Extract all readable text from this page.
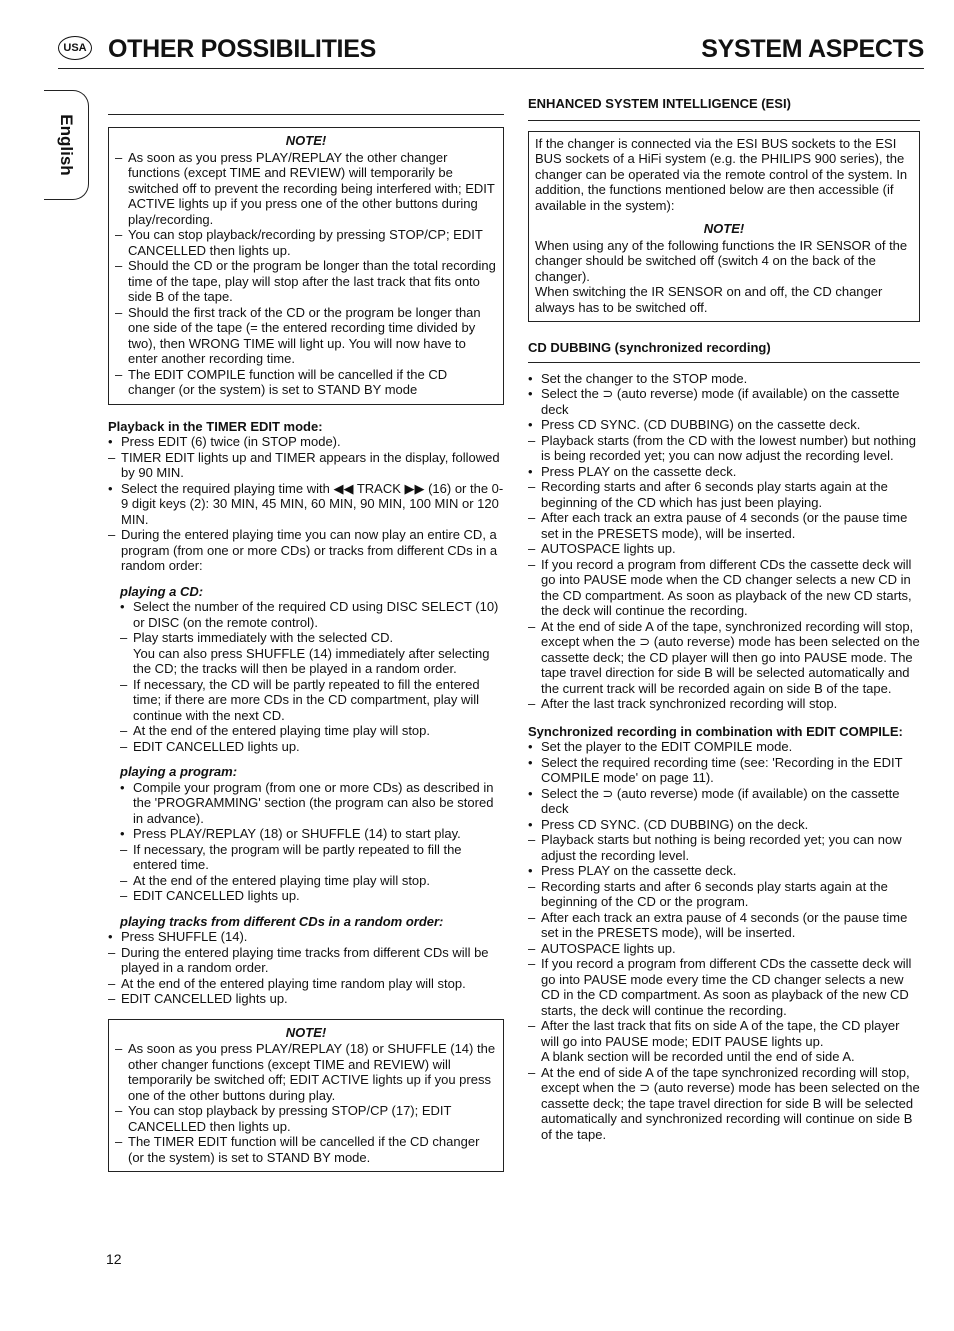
USA OTHER POSSIBILITIES	SYSTEM ASPECTS
English	NOTE!
– As soon as you press PLAY/REPLAY the other changer functions (except TIME and REVIEW) will temporarily be switched off to prevent the recording being interfered with; EDIT ACTIVE lights up if you press one of the other buttons during play/recording.
– You can stop playback/recording by pressing STOP/CP; EDIT CANCELLED then lights up.
– Should the CD or the program be longer than the total recording time of the tape, play will stop after the last track that fits onto side B of the tape.
– Should the first track of the CD or the program be longer than one side of the tape (= the entered recording time divided by two), then WRONG TIME will light up. You will now have to enter another recording time.
– The EDIT COMPILE function will be cancelled if the CD changer (or the system) is set to STAND BY mode
Playback in the TIMER EDIT mode:
• Press EDIT (6) twice (in STOP mode).
– TIMER EDIT lights up and TIMER appears in the display, followed by 90 MIN.
• Select the required playing time with ◀◀ TRACK ▶▶ (16) or the 0-9 digit keys (2): 30 MIN, 45 MIN, 60 MIN, 90 MIN, 100 MIN or 120 MIN.
– During the entered playing time you can now play an entire CD, a program (from one or more CDs) or tracks from different CDs in a random order:
playing a CD:
• Select the number of the required CD using DISC SELECT (10) or DISC (on the remote control).
– Play starts immediately with the selected CD.
You can also press SHUFFLE (14) immediately after selecting the CD; the tracks will then be played in a random order.
– If necessary, the CD will be partly repeated to fill the entered time; if there are more CDs in the CD compartment, play will continue with the next CD.
– At the end of the entered playing time play will stop.
– EDIT CANCELLED lights up.
playing a program:
• Compile your program (from one or more CDs) as described in the 'PROGRAMMING' section (the program can also be stored in advance).
• Press PLAY/REPLAY (18) or SHUFFLE (14) to start play.
– If necessary, the program will be partly repeated to fill the entered time.
– At the end of the entered playing time play will stop.
– EDIT CANCELLED lights up.
playing tracks from different CDs in a random order:
• Press SHUFFLE (14).
– During the entered playing time tracks from different CDs will be played in a random order.
– At the end of the entered playing time random play will stop.
– EDIT CANCELLED lights up.
NOTE!
– As soon as you press PLAY/REPLAY (18) or SHUFFLE (14) the other changer functions (except TIME and REVIEW) will temporarily be switched off; EDIT ACTIVE lights up if you press one of the other buttons during play.
– You can stop playback by pressing STOP/CP (17); EDIT CANCELLED then lights up.
– The TIMER EDIT function will be cancelled if the CD changer (or the system) is set to STAND BY mode.
ENHANCED SYSTEM INTELLIGENCE (ESI)

If the changer is connected via the ESI BUS sockets to the ESI BUS sockets of a HiFi system (e.g. the PHILIPS 900 series), the changer can be operated via the remote control of the system. In addition, the functions mentioned below are then accessible (if available in the system):

NOTE!

When using any of the following functions the IR SENSOR of the changer should be switched off (switch 4 on the back of the changer).

When switching the IR SENSOR on and off, the CD changer always has to be switched off.

CD DUBBING (synchronized recording)
• Set the changer to the STOP mode.
• Select the ⊃ (auto reverse) mode (if available) on the cassette deck
• Press CD SYNC. (CD DUBBING) on the cassette deck.
– Playback starts (from the CD with the lowest number) but nothing is being recorded yet; you can now adjust the recording level.
• Press PLAY on the cassette deck.
– Recording starts and after 6 seconds play starts again at the beginning of the CD which has just been playing.
– After each track an extra pause of 4 seconds (or the pause time set in the PRESETS mode), will be inserted.
– AUTOSPACE lights up.
– If you record a program from different CDs the cassette deck will go into PAUSE mode when the CD changer selects a new CD in the CD compartment. As soon as playback of the new CD starts, the deck will continue the recording.
– At the end of side A of the tape, synchronized recording will stop, except when the ⊃ (auto reverse) mode has been selected on the cassette deck; the CD player will then go into PAUSE mode. The tape travel direction for side B will be selected automatically and the current track will be recorded again on side B of the tape.
– After the last track synchronized recording will stop.
Synchronized recording in combination with EDIT COMPILE:
• Set the player to the EDIT COMPILE mode.
• Select the required recording time (see: 'Recording in the EDIT COMPILE mode' on page 11).
• Select the ⊃ (auto reverse) mode (if available) on the cassette deck
• Press CD SYNC. (CD DUBBING) on the deck.
– Playback starts but nothing is being recorded yet; you can now adjust the recording level.
• Press PLAY on the cassette deck.
– Recording starts and after 6 seconds play starts again at the beginning of the CD or the program.
– After each track an extra pause of 4 seconds (or the pause time set in the PRESETS mode), will be inserted.
– AUTOSPACE lights up.
– If you record a program from different CDs the cassette deck will go into PAUSE mode every time the CD changer selects a new CD in the CD compartment. As soon as playback of the new CD starts, the deck will continue the recording.
– After the last track that fits on side A of the tape, the CD player will go into PAUSE mode; EDIT PAUSE lights up.
A blank section will be recorded until the end of side A.
– At the end of side A of the tape synchronized recording will stop, except when the ⊃ (auto reverse) mode has been selected on the cassette deck; the tape travel direction for side B will be selected automatically and synchronized recording will continue on side B of the tape.
12
